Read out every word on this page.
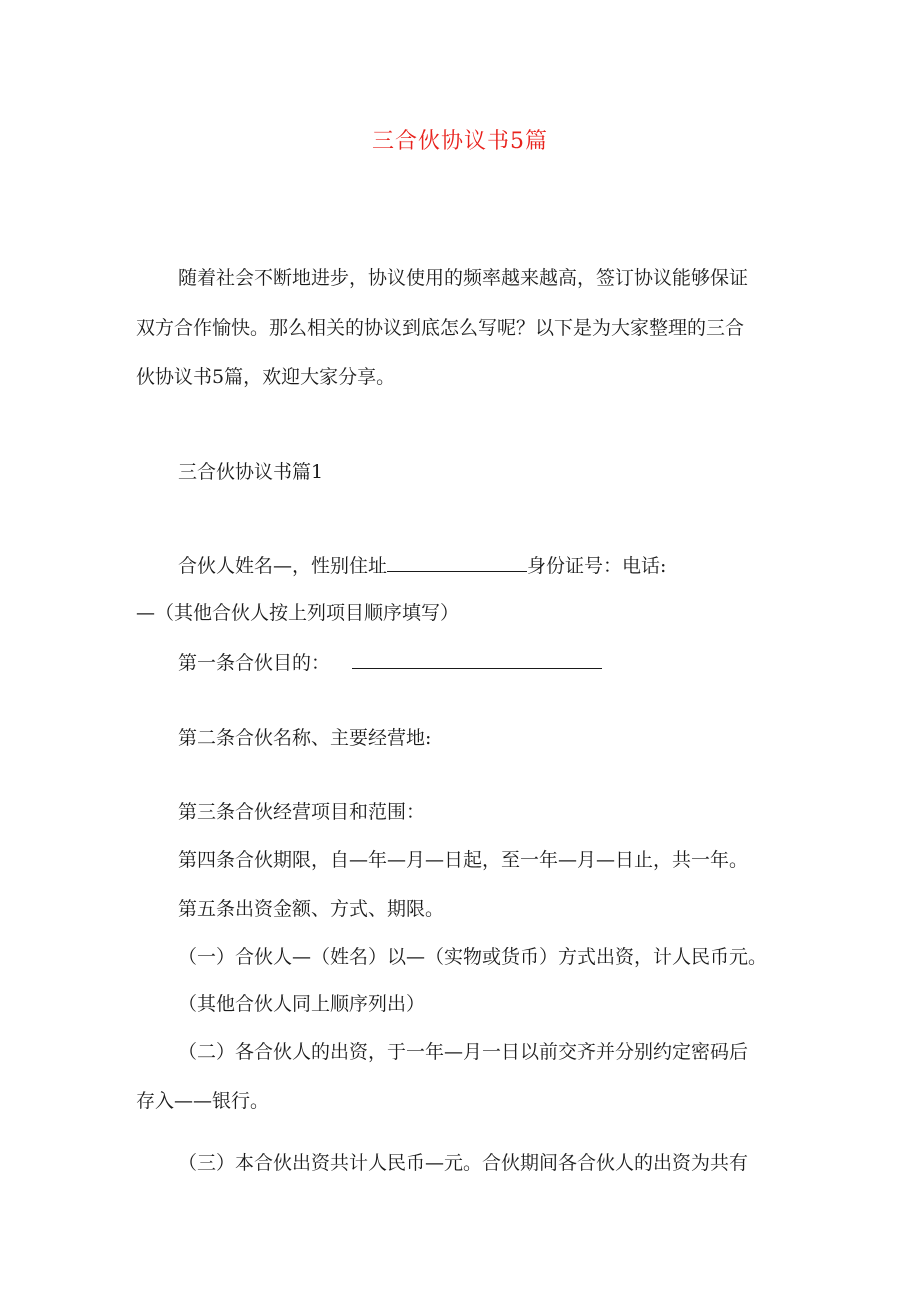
三合伙协议书5篇
随着社会不断地进步，协议使用的频率越来越高，签订协议能够保证
双方合作愉快。那么相关的协议到底怎么写呢？以下是为大家整理的三合
伙协议书5篇，欢迎大家分享。
三合伙协议书篇1
合伙人姓名—，性别住址	身份证号：电话:
—（其他合伙人按上列项目顺序填写）
第一条合伙目的：
第二条合伙名称、主要经营地:
第三条合伙经营项目和范围：
第四条合伙期限，自—年—月—日起，至一年—月—日止，共一年。
第五条出资金额、方式、期限。
（一）合伙人—（姓名）以—（实物或货币）方式出资，计人民币元。
（其他合伙人同上顺序列出）
（二）各合伙人的出资，于一年—月一日以前交齐并分别约定密码后
存入——银行。
（三）本合伙出资共计人民币—元。合伙期间各合伙人的出资为共有
